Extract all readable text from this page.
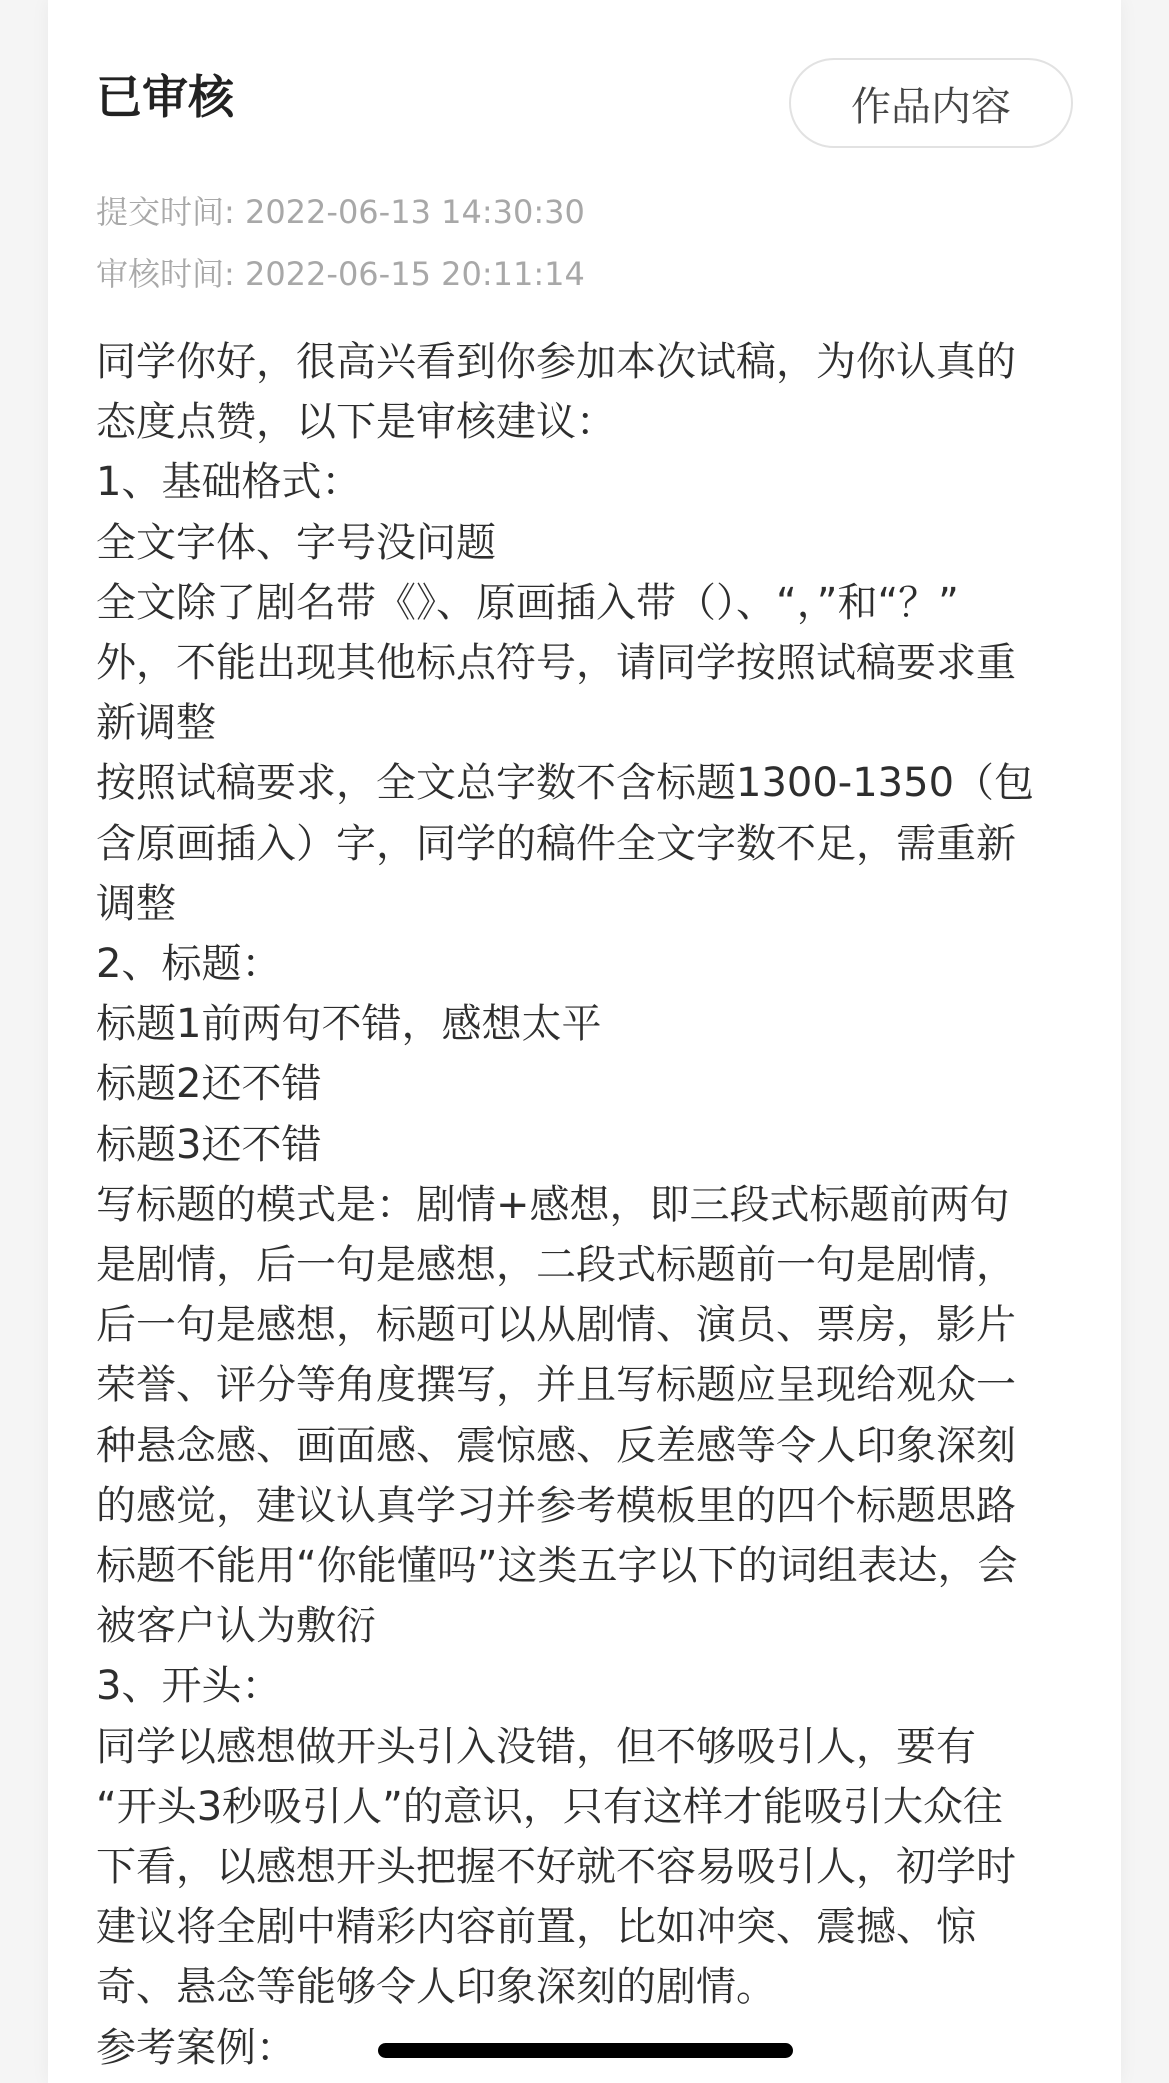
已审核	作品内容
提交时间: 2022-06-13 14:30:30
审核时间: 2022-06-15 20:11:14

同学你好，很高兴看到你参加本次试稿，为你认真的

态度点赞，以下是审核建议：

1、基础格式：

全文字体、字号没问题

全文除了剧名带《》、原画插入带（）、“，”和“？”

外，不能出现其他标点符号，请同学按照试稿要求重

新调整

按照试稿要求，全文总字数不含标题1300-1350（包

含原画插入）字，同学的稿件全文字数不足，需重新

调整

2、标题：

标题1前两句不错，感想太平

标题2还不错

标题3还不错

写标题的模式是：剧情+感想，即三段式标题前两句

是剧情，后一句是感想，二段式标题前一句是剧情，

后一句是感想，标题可以从剧情、演员、票房，影片

荣誉、评分等角度撰写，并且写标题应呈现给观众一

种悬念感、画面感、震惊感、反差感等令人印象深刻

的感觉，建议认真学习并参考模板里的四个标题思路

标题不能用“你能懂吗”这类五字以下的词组表达，会

被客户认为敷衍

3、开头：

同学以感想做开头引入没错，但不够吸引人，要有

“开头3秒吸引人”的意识，只有这样才能吸引大众往

下看，以感想开头把握不好就不容易吸引人，初学时

建议将全剧中精彩内容前置，比如冲突、震撼、惊

奇、悬念等能够令人印象深刻的剧情。

参考案例：
